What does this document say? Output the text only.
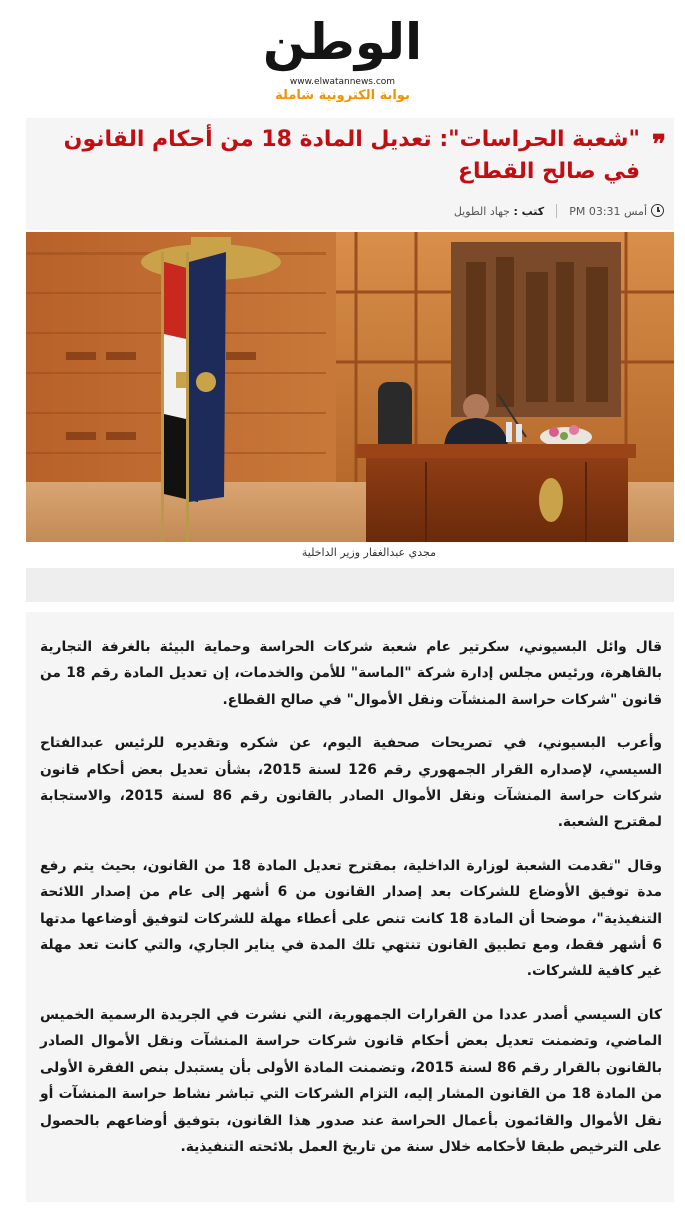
الوطن
www.elwatannews.com
بوابة الكترونية شاملة
❞
"شعبة الحراسات": تعديل المادة 18 من أحكام القانون في صالح القطاع
أمس 03:31 PMكتب : جهاد الطويل
مجدي عبدالغفار وزير الداخلية

قال وائل البسيوني، سكرتير عام شعبة شركات الحراسة وحماية البيئة بالغرفة التجارية بالقاهرة، ورئيس مجلس إدارة شركة "الماسة" للأمن والخدمات، إن تعديل المادة رقم 18 من قانون "شركات حراسة المنشآت ونقل الأموال" في صالح القطاع.

وأعرب البسيوني، في تصريحات صحفية اليوم، عن شكره وتقديره للرئيس عبدالفتاح السيسي، لإصداره القرار الجمهوري رقم 126 لسنة 2015، بشأن تعديل بعض أحكام قانون شركات حراسة المنشآت ونقل الأموال الصادر بالقانون رقم 86 لسنة 2015، والاستجابة لمقترح الشعبة.

وقال "تقدمت الشعبة لوزارة الداخلية، بمقترح تعديل المادة 18 من القانون، بحيث يتم رفع مدة توفيق الأوضاع للشركات بعد إصدار القانون من 6 أشهر إلى عام من إصدار اللائحة التنفيذية"، موضحا أن المادة 18 كانت تنص على أعطاء مهلة للشركات لتوفيق أوضاعها مدتها 6 أشهر فقط، ومع تطبيق القانون تنتهي تلك المدة في يناير الجاري، والتي كانت تعد مهلة غير كافية للشركات.

كان السيسي أصدر عددا من القرارات الجمهورية، التي نشرت في الجريدة الرسمية الخميس الماضي، وتضمنت تعديل بعض أحكام قانون شركات حراسة المنشآت ونقل الأموال الصادر بالقانون بالقرار رقم 86 لسنة 2015، وتضمنت المادة الأولى بأن يستبدل بنص الفقرة الأولى من المادة 18 من القانون المشار إليه، التزام الشركات التي تباشر نشاط حراسة المنشآت أو نقل الأموال والقائمون بأعمال الحراسة عند صدور هذا القانون، بتوفيق أوضاعهم بالحصول على الترخيص طبقا لأحكامه خلال سنة من تاريخ العمل بلائحته التنفيذية.
